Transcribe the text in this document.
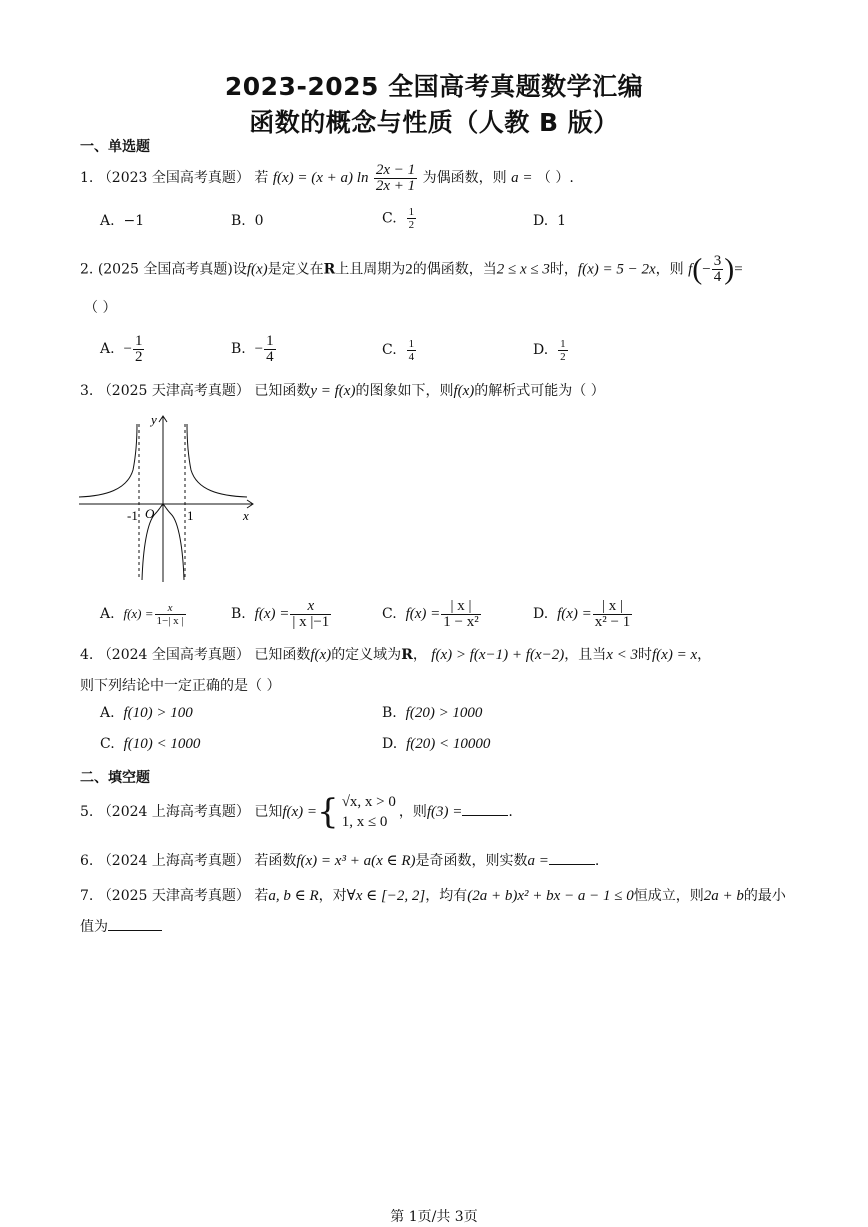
2023-2025 全国高考真题数学汇编
函数的概念与性质（人教 B 版）
一、单选题
1. （2023 全国高考真题） 若 f(x) = (x + a) $\ln \frac{2x - 1}{2x + 1}$ 为偶函数，则 a = （ ）.
A. −1	B. 0	C. $\frac{1}{2}$	D. 1
2. (2025 全国高考真题)设f(x)是定义在R上且周期为2的偶函数，当2 ≤ x ≤ 3时，f(x) = 5 − 2x，则 $f(- \frac{3}{4}$ )=
（ ）
A. − $\frac{1}{2}$	B. − $\frac{1}{4}$	C. $\frac{1}{4}$	D. $\frac{1}{2}$
3. （2025 天津高考真题） 已知函数y = f(x)的图象如下，则f(x)的解析式可能为（ ）
y
x
O
-1	1
A. $f(x) = \frac{x}{1-| x |}$	B. $f(x) = \frac{x}{| x |-1}$	C. $f(x) = \frac{| x |}{\text{1 − x²}}$	D. $f(x) = \frac{| x |}{\text{x² − 1}}$
4. （2024 全国高考真题） 已知函数f(x)的定义域为R， f(x) > f(x−1) + f(x−2)，且当x < 3时f(x) = x，
则下列结论中一定正确的是（ ）
A. f(10) > 100	B. f(20) > 1000
C. f(10) < 1000	D. f(20) < 10000
二、填空题
5. （2024 上海高考真题） 已知f(x) ={ √x, x > 0
1, x ≤ 0
，则f(3) =	.
6. （2024 上海高考真题） 若函数f(x) = x³ + a(x ∈ R)是奇函数，则实数a =	.
7. （2025 天津高考真题） 若a, b ∈ R，对∀x ∈ [−2, 2]，均有(2a + b)x² + bx − a − 1 ≤ 0恒成立，则2a + b的最小
值为
第 1页/共 3页
